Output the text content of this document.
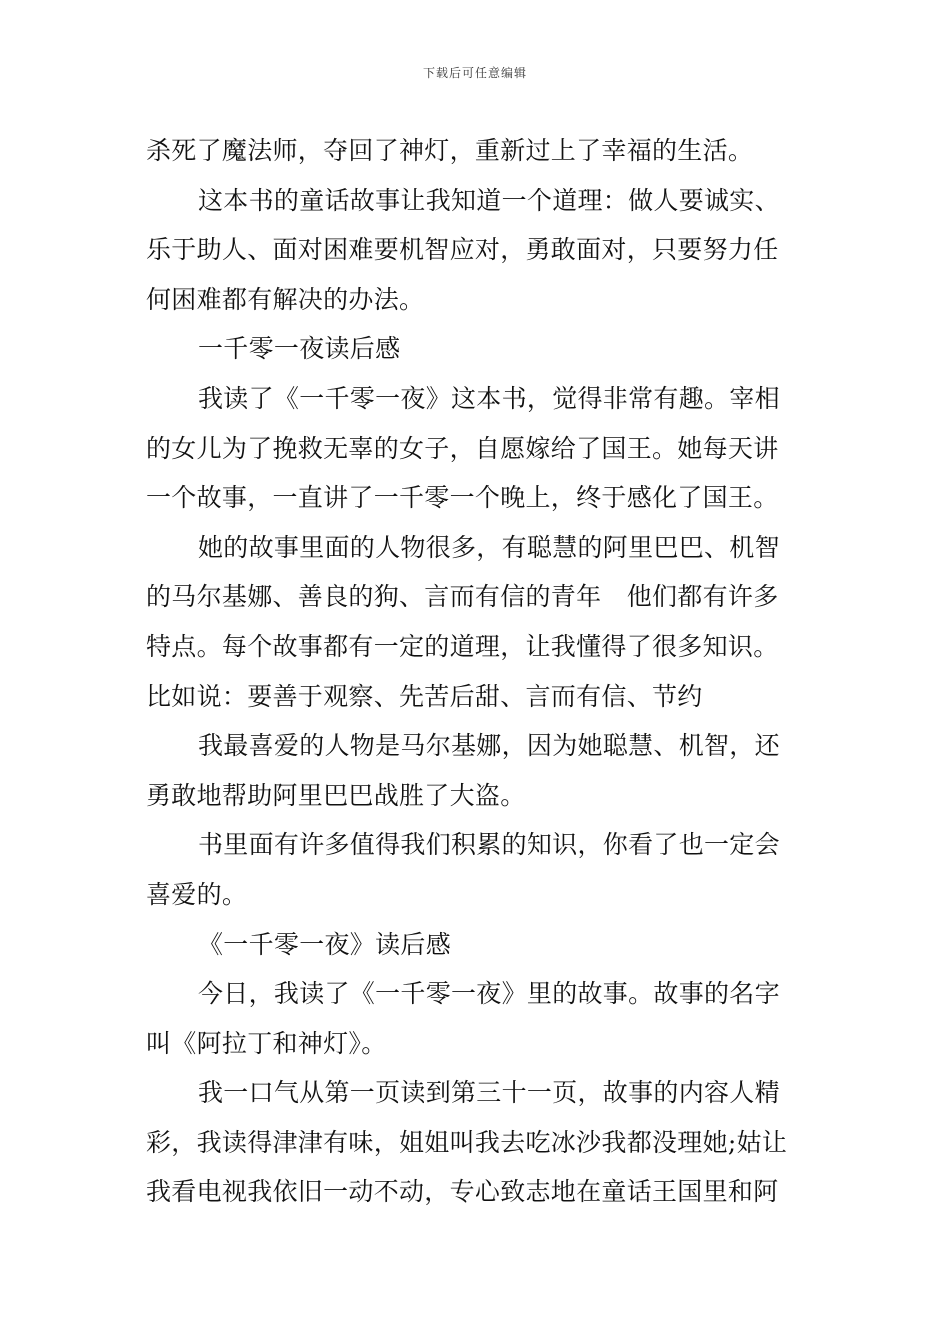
下载后可任意编辑
杀死了魔法师，夺回了神灯，重新过上了幸福的生活。
这本书的童话故事让我知道一个道理：做人要诚实、
乐于助人、面对困难要机智应对，勇敢面对，只要努力任
何困难都有解决的办法。
一千零一夜读后感
我读了《一千零一夜》这本书，觉得非常有趣。宰相
的女儿为了挽救无辜的女子，自愿嫁给了国王。她每天讲
一个故事，一直讲了一千零一个晚上，终于感化了国王。
她的故事里面的人物很多，有聪慧的阿里巴巴、机智
的马尔基娜、善良的狗、言而有信的青年　他们都有许多
特点。每个故事都有一定的道理，让我懂得了很多知识。
比如说：要善于观察、先苦后甜、言而有信、节约
我最喜爱的人物是马尔基娜，因为她聪慧、机智，还
勇敢地帮助阿里巴巴战胜了大盗。
书里面有许多值得我们积累的知识，你看了也一定会
喜爱的。
《一千零一夜》读后感
今日，我读了《一千零一夜》里的故事。故事的名字
叫《阿拉丁和神灯》。
我一口气从第一页读到第三十一页，故事的内容人精
彩，我读得津津有味，姐姐叫我去吃冰沙我都没理她;姑让
我看电视我依旧一动不动，专心致志地在童话王国里和阿
